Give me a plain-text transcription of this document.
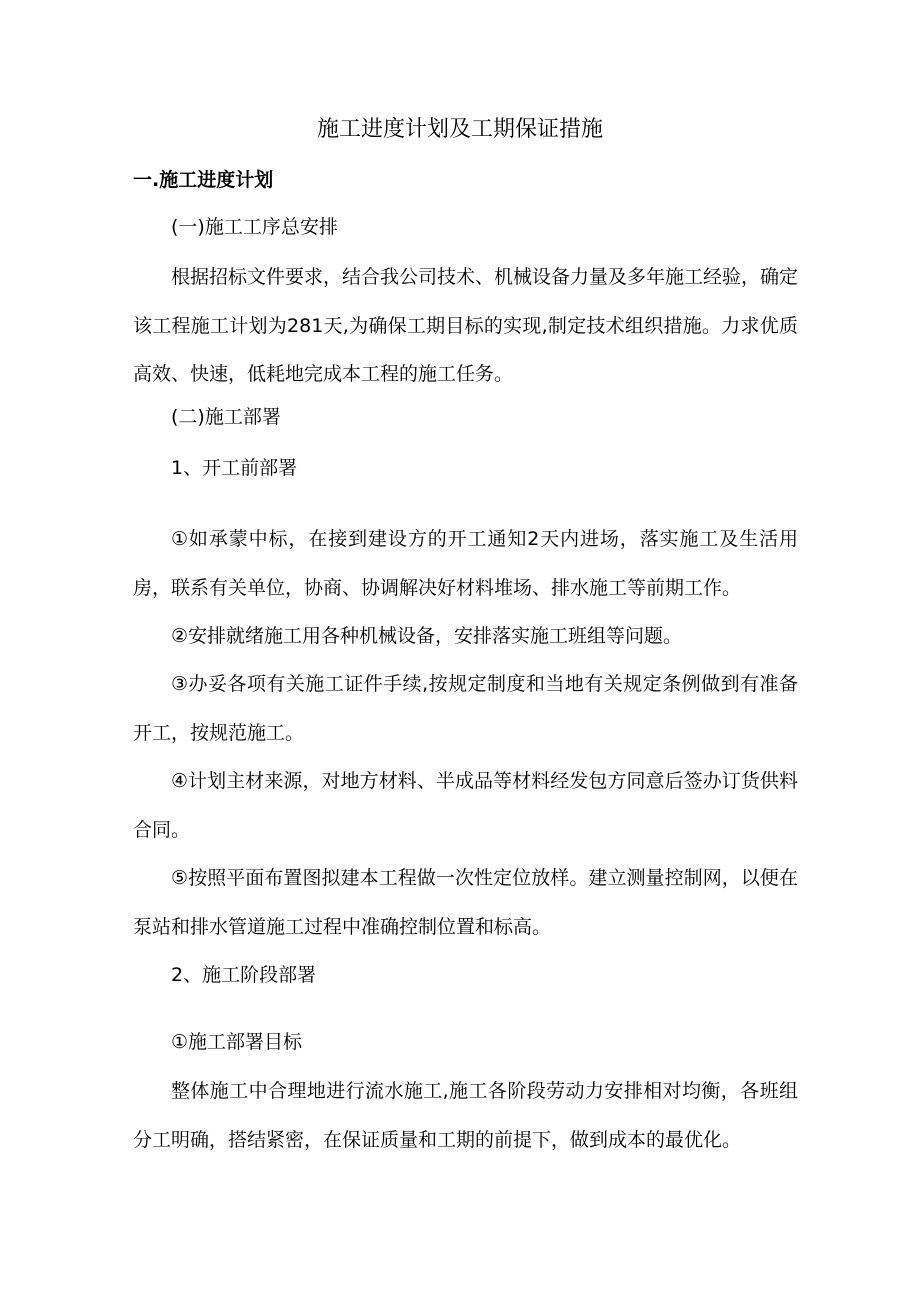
施工进度计划及工期保证措施
一.施工进度计划

(一)施工工序总安排

根据招标文件要求，结合我公司技术、机械设备力量及多年施工经验，确定该工程施工计划为281天,为确保工期目标的实现,制定技术组织措施。力求优质高效、快速，低耗地完成本工程的施工任务。

(二)施工部署

1、开工前部署

①如承蒙中标，在接到建设方的开工通知2天内进场，落实施工及生活用房，联系有关单位，协商、协调解决好材料堆场、排水施工等前期工作。

②安排就绪施工用各种机械设备，安排落实施工班组等问题。

③办妥各项有关施工证件手续,按规定制度和当地有关规定条例做到有准备开工，按规范施工。

④计划主材来源，对地方材料、半成品等材料经发包方同意后签办订货供料合同。

⑤按照平面布置图拟建本工程做一次性定位放样。建立测量控制网，以便在泵站和排水管道施工过程中准确控制位置和标高。

2、施工阶段部署

①施工部署目标

整体施工中合理地进行流水施工,施工各阶段劳动力安排相对均衡，各班组分工明确，搭结紧密，在保证质量和工期的前提下，做到成本的最优化。
